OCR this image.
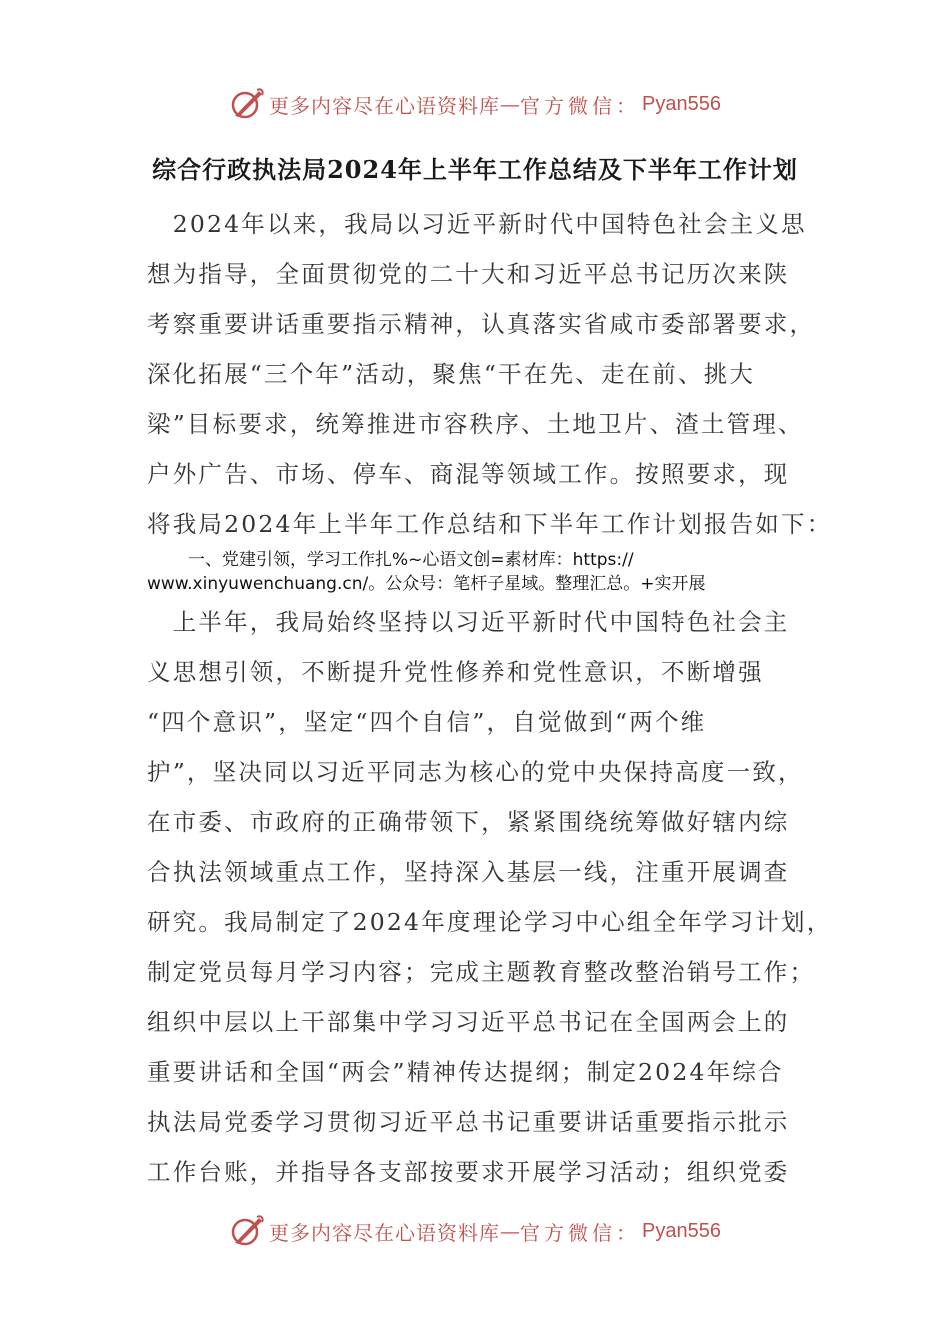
更多内容尽在心语资料库 — 官方微信： Pyan556
综合行政执法局2024年上半年工作总结及下半年工作计划
　2024年以来，我局以习近平新时代中国特色社会主义思
想为指导，全面贯彻党的二十大和习近平总书记历次来陕
考察重要讲话重要指示精神，认真落实省咸市委部署要求，
深化拓展“三个年”活动，聚焦“干在先、走在前、挑大
梁”目标要求，统筹推进市容秩序、土地卫片、渣土管理、
户外广告、市场、停车、商混等领域工作。按照要求，现
将我局2024年上半年工作总结和下半年工作计划报告如下：
一、党建引领，学习工作扎%~心语文创=素材库：https://
www.xinyuwenchuang.cn/。公众号：笔杆子星域。整理汇总。+实开展
　上半年，我局始终坚持以习近平新时代中国特色社会主
义思想引领，不断提升党性修养和党性意识，不断增强
“四个意识”，坚定“四个自信”，自觉做到“两个维
护”，坚决同以习近平同志为核心的党中央保持高度一致，
在市委、市政府的正确带领下，紧紧围绕统筹做好辖内综
合执法领域重点工作，坚持深入基层一线，注重开展调查
研究。我局制定了2024年度理论学习中心组全年学习计划，
制定党员每月学习内容；完成主题教育整改整治销号工作；
组织中层以上干部集中学习习近平总书记在全国两会上的
重要讲话和全国“两会”精神传达提纲；制定2024年综合
执法局党委学习贯彻习近平总书记重要讲话重要指示批示
工作台账，并指导各支部按要求开展学习活动；组织党委
更多内容尽在心语资料库 — 官方微信： Pyan556
